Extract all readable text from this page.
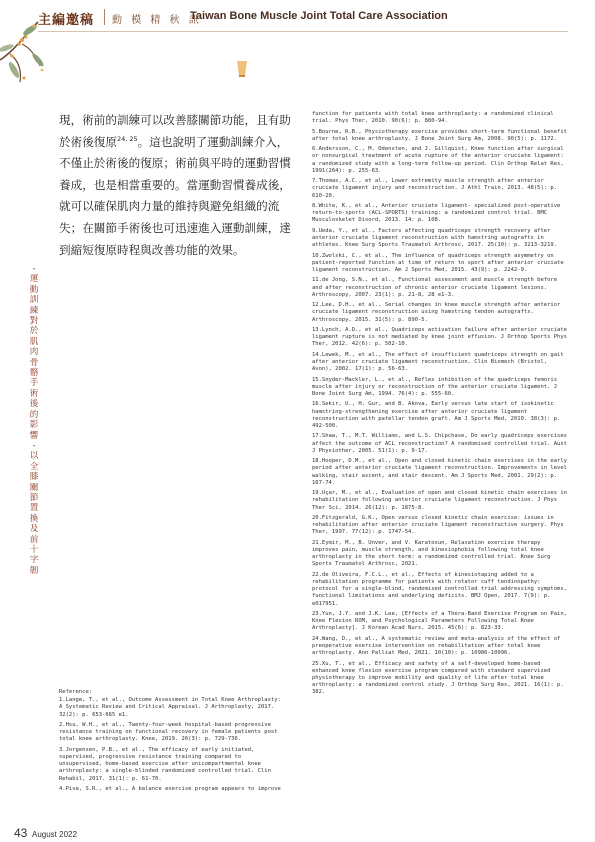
主編邀稿 動 模 精 秋 訊
Taiwan Bone Muscle Joint Total Care Association
- 運動訓練對於肌肉骨骼手術後的影響 - 以全膝關節置換及前十字韌
現，術前的訓練可以改善膝關節功能，且有助
於術後復原$^{24, 25}$。這也說明了運動訓練介入，
不僅止於術後的復原；術前與平時的運動習慣
養成，也是相當重要的。當運動習慣養成後，
就可以確保肌肉力量的維持與避免組織的流
失；在關節手術後也可迅速進入運動訓練，達
到縮短復原時程與改善功能的效果。
Reference:
1.Lange, T., et al., Outcome Assessment in Total Knee Arthroplasty: A Systematic Review and Critical Appraisal. J Arthroplasty, 2017. 32(2): p. 653-665 e1.
2.Hsu, W.H., et al., Twenty-four-week hospital-based progressive resistance training on functional recovery in female patients post total knee arthroplasty. Knee, 2019. 26(3): p. 729-736.
3.Jorgensen, P.B., et al., The efficacy of early initiated, supervised, progressive resistance training compared to unsupervised, home-based exercise after unicompartmental knee arthroplasty: a single-blinded randomized controlled trial. Clin Rehabil, 2017. 31(1): p. 61-70.
4.Piva, S.R., et al., A balance exercise program appears to improve
function for patients with total knee arthroplasty: a randomized clinical trial. Phys Ther, 2010. 90(6): p. 880-94.
5.Bourne, R.B., Physiotherapy exercise provides short-term functional benefit after total knee arthroplasty. J Bone Joint Surg Am, 2008. 90(5): p. 1172.
6.Andersson, C., M. Odensten, and J. Gillquist, Knee function after surgical or nonsurgical treatment of acute rupture of the anterior cruciate ligament: a randomized study with a long-term follow-up period. Clin Orthop Relat Res, 1991(264): p. 255-63.
7.Thomas, A.C., et al., Lower extremity muscle strength after anterior cruciate ligament injury and reconstruction. J Athl Train, 2013. 48(5): p. 610-20.
8.White, K., et al., Anterior cruciate ligament- specialized post-operative return-to-sports (ACL-SPORTS) training: a randomized control trial. BMC Musculoskelet Disord, 2013. 14: p. 108.
9.Ueda, Y., et al., Factors affecting quadriceps strength recovery after anterior cruciate ligament reconstruction with hamstring autografts in athletes. Knee Surg Sports Traumatol Arthrosc, 2017. 25(10): p. 3213-3219.
10.Zwolski, C., et al., The influence of quadriceps strength asymmetry on patient-reported function at time of return to sport after anterior cruciate ligament reconstruction. Am J Sports Med, 2015. 43(9): p. 2242-9.
11.de Jong, S.N., et al., Functional assessment and muscle strength before and after reconstruction of chronic anterior cruciate ligament lesions. Arthroscopy, 2007. 23(1): p. 21-8, 28 e1-3.
12.Lee, D.H., et al., Serial changes in knee muscle strength after anterior cruciate ligament reconstruction using hamstring tendon autografts. Arthroscopy, 2015. 31(5): p. 890-5.
13.Lynch, A.D., et al., Quadriceps activation failure after anterior cruciate ligament rupture is not mediated by knee joint effusion. J Orthop Sports Phys Ther, 2012. 42(6): p. 502-10.
14.Lewek, M., et al., The effect of insufficient quadriceps strength on gait after anterior cruciate ligament reconstruction. Clin Biomech (Bristol, Avon), 2002. 17(1): p. 56-63.
15.Snyder-Mackler, L., et al., Reflex inhibition of the quadriceps femoris muscle after injury or reconstruction of the anterior cruciate ligament. J Bone Joint Surg Am, 1994. 76(4): p. 555-60.
16.Sekir, U., H. Gur, and B. Akova, Early versus late start of isokinetic hamstring-strengthening exercise after anterior cruciate ligament reconstruction with patellar tendon graft. Am J Sports Med, 2010. 38(3): p. 492-500.
17.Shaw, T., M.T. Williams, and L.S. Chipchase, Do early quadriceps exercises affect the outcome of ACL reconstruction? A randomised controlled trial. Aust J Physiother, 2005. 51(1): p. 9-17.
18.Hooper, D.M., et al., Open and closed kinetic chain exercises in the early period after anterior cruciate ligament reconstruction. Improvements in level walking, stair ascent, and stair descent. Am J Sports Med, 2001. 29(2): p. 167-74.
19.Uçar, M., et al., Evaluation of open and closed kinetic chain exercises in rehabilitation following anterior cruciate ligament reconstruction. J Phys Ther Sci, 2014. 26(12): p. 1875-8.
20.Fitzgerald, G.K., Open versus closed kinetic chain exercise: issues in rehabilitation after anterior cruciate ligament reconstructive surgery. Phys Ther, 1997. 77(12): p. 1747-54.
21.Eymir, M., B. Unver, and V. Karatosun, Relaxation exercise therapy improves pain, muscle strength, and kinesiophobia following total knee arthroplasty in the short term: a randomized controlled trial. Knee Surg Sports Traumatol Arthrosc, 2021.
22.de Oliveira, F.C.L., et al., Effects of kinesiotaping added to a rehabilitation programme for patients with rotator cuff tendinopathy: protocol for a single-blind, randomised controlled trial addressing symptoms, functional limitations and underlying deficits. BMJ Open, 2017. 7(9): p. e017951.
23.Yun, J.Y. and J.K. Lee, [Effects of a Thera-Band Exercise Program on Pain, Knee Flexion ROM, and Psychological Parameters Following Total Knee Arthroplasty]. J Korean Acad Nurs, 2015. 45(6): p. 823-33.
24.Wang, D., et al., A systematic review and meta-analysis of the effect of preoperative exercise intervention on rehabilitation after total knee arthroplasty. Ann Palliat Med, 2021. 10(10): p. 10986-10996.
25.Xu, T., et al., Efficacy and safety of a self-developed home-based enhanced knee flexion exercise program compared with standard supervised physiotherapy to improve mobility and quality of life after total knee arthroplasty: a randomized control study. J Orthop Surg Res, 2021. 16(1): p. 382.
43 August 2022
